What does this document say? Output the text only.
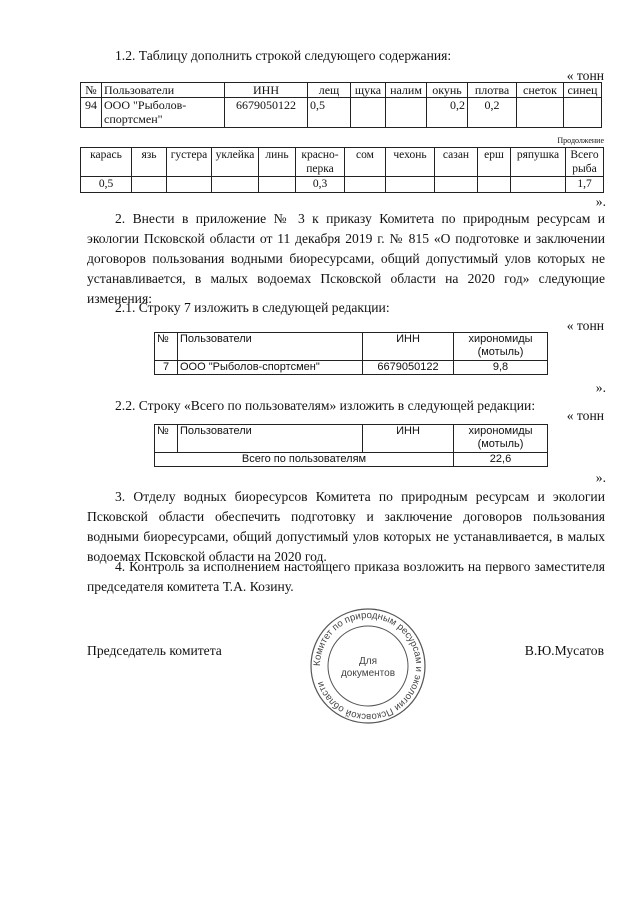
1.2. Таблицу дополнить строкой следующего содержания:

« тонн
№	Пользователи	ИНН	лещ	щука	налим	окунь	плотва	снеток	синец
94	ООО "Рыболов-спортсмен"	6679050122	0,5			0,2	0,2		
Продолжение
караcь	язь	густера	уклейка	линь	красно-перка	сом	чехонь	сазан	ерш	ряпушка	Всего рыба
0,5					0,3						1,7
».

2. Внести в приложение № 3 к приказу Комитета по природным ресурсам и экологии Псковской области от 11 декабря 2019 г. № 815 «О подготовке и заключении договоров пользования водными биоресурсами, общий допустимый улов которых не устанавливается, в малых водоемах Псковской области на 2020 год» следующие изменения:

2.1. Строку 7 изложить в следующей редакции:

« тонн
№	Пользователи	ИНН	хирономиды (мотыль)
7	ООО "Рыболов-спортсмен"	6679050122	9,8
».

2.2. Строку «Всего по пользователям» изложить в следующей редакции:

« тонн
№	Пользователи	ИНН	хирономиды (мотыль)
Всего по пользователям			22,6
».

3. Отделу водных биоресурсов Комитета по природным ресурсам и экологии Псковской области обеспечить подготовку и заключение договоров пользования водными биоресурсами, общий допустимый улов которых не устанавливается, в малых водоемах Псковской области на 2020 год.

4. Контроль за исполнением настоящего приказа возложить на первого заместителя председателя комитета Т.А. Козину.

Председатель комитета	В.Ю.Мусатов
Комитет по природным ресурсам и экологии Псковской области
Для
документов
